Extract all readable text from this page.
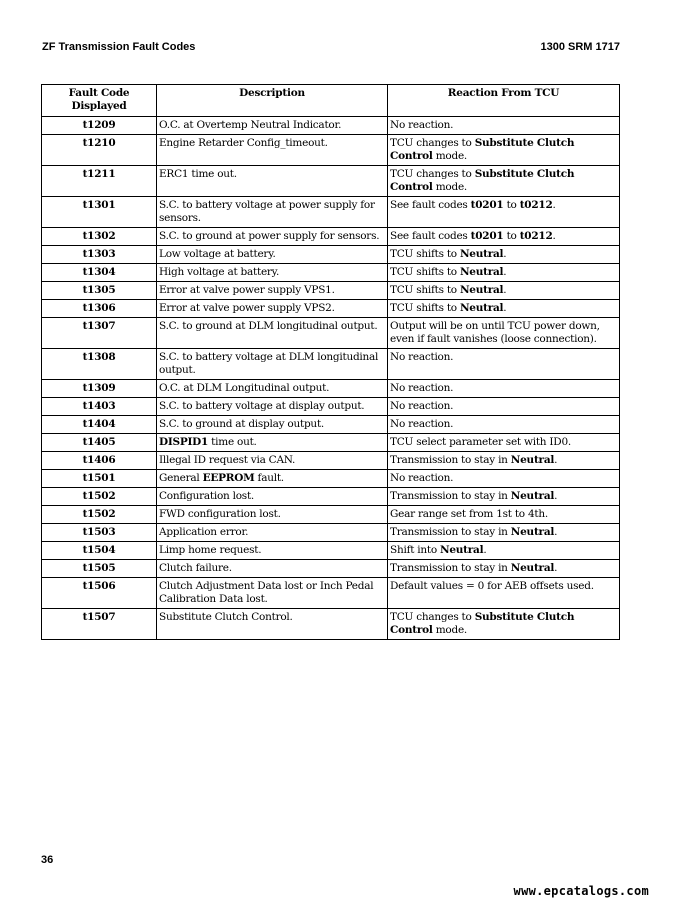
ZF Transmission Fault Codes	1300 SRM 1717
Fault Code Displayed	Description	Reaction From TCU
t1209	O.C. at Overtemp Neutral Indicator.	No reaction.
t1210	Engine Retarder Config_timeout.	TCU changes to Substitute Clutch Control mode.
t1211	ERC1 time out.	TCU changes to Substitute Clutch Control mode.
t1301	S.C. to battery voltage at power supply for sensors.	See fault codes t0201 to t0212.
t1302	S.C. to ground at power supply for sensors.	See fault codes t0201 to t0212.
t1303	Low voltage at battery.	TCU shifts to Neutral.
t1304	High voltage at battery.	TCU shifts to Neutral.
t1305	Error at valve power supply VPS1.	TCU shifts to Neutral.
t1306	Error at valve power supply VPS2.	TCU shifts to Neutral.
t1307	S.C. to ground at DLM longitudinal output.	Output will be on until TCU power down, even if fault vanishes (loose connection).
t1308	S.C. to battery voltage at DLM longitudinal output.	No reaction.
t1309	O.C. at DLM Longitudinal output.	No reaction.
t1403	S.C. to battery voltage at display output.	No reaction.
t1404	S.C. to ground at display output.	No reaction.
t1405	DISPID1 time out.	TCU select parameter set with ID0.
t1406	Illegal ID request via CAN.	Transmission to stay in Neutral.
t1501	General EEPROM fault.	No reaction.
t1502	Configuration lost.	Transmission to stay in Neutral.
t1502	FWD configuration lost.	Gear range set from 1st to 4th.
t1503	Application error.	Transmission to stay in Neutral.
t1504	Limp home request.	Shift into Neutral.
t1505	Clutch failure.	Transmission to stay in Neutral.
t1506	Clutch Adjustment Data lost or Inch Pedal Calibration Data lost.	Default values = 0 for AEB offsets used.
t1507	Substitute Clutch Control.	TCU changes to Substitute Clutch Control mode.
36
www.epcatalogs.com
